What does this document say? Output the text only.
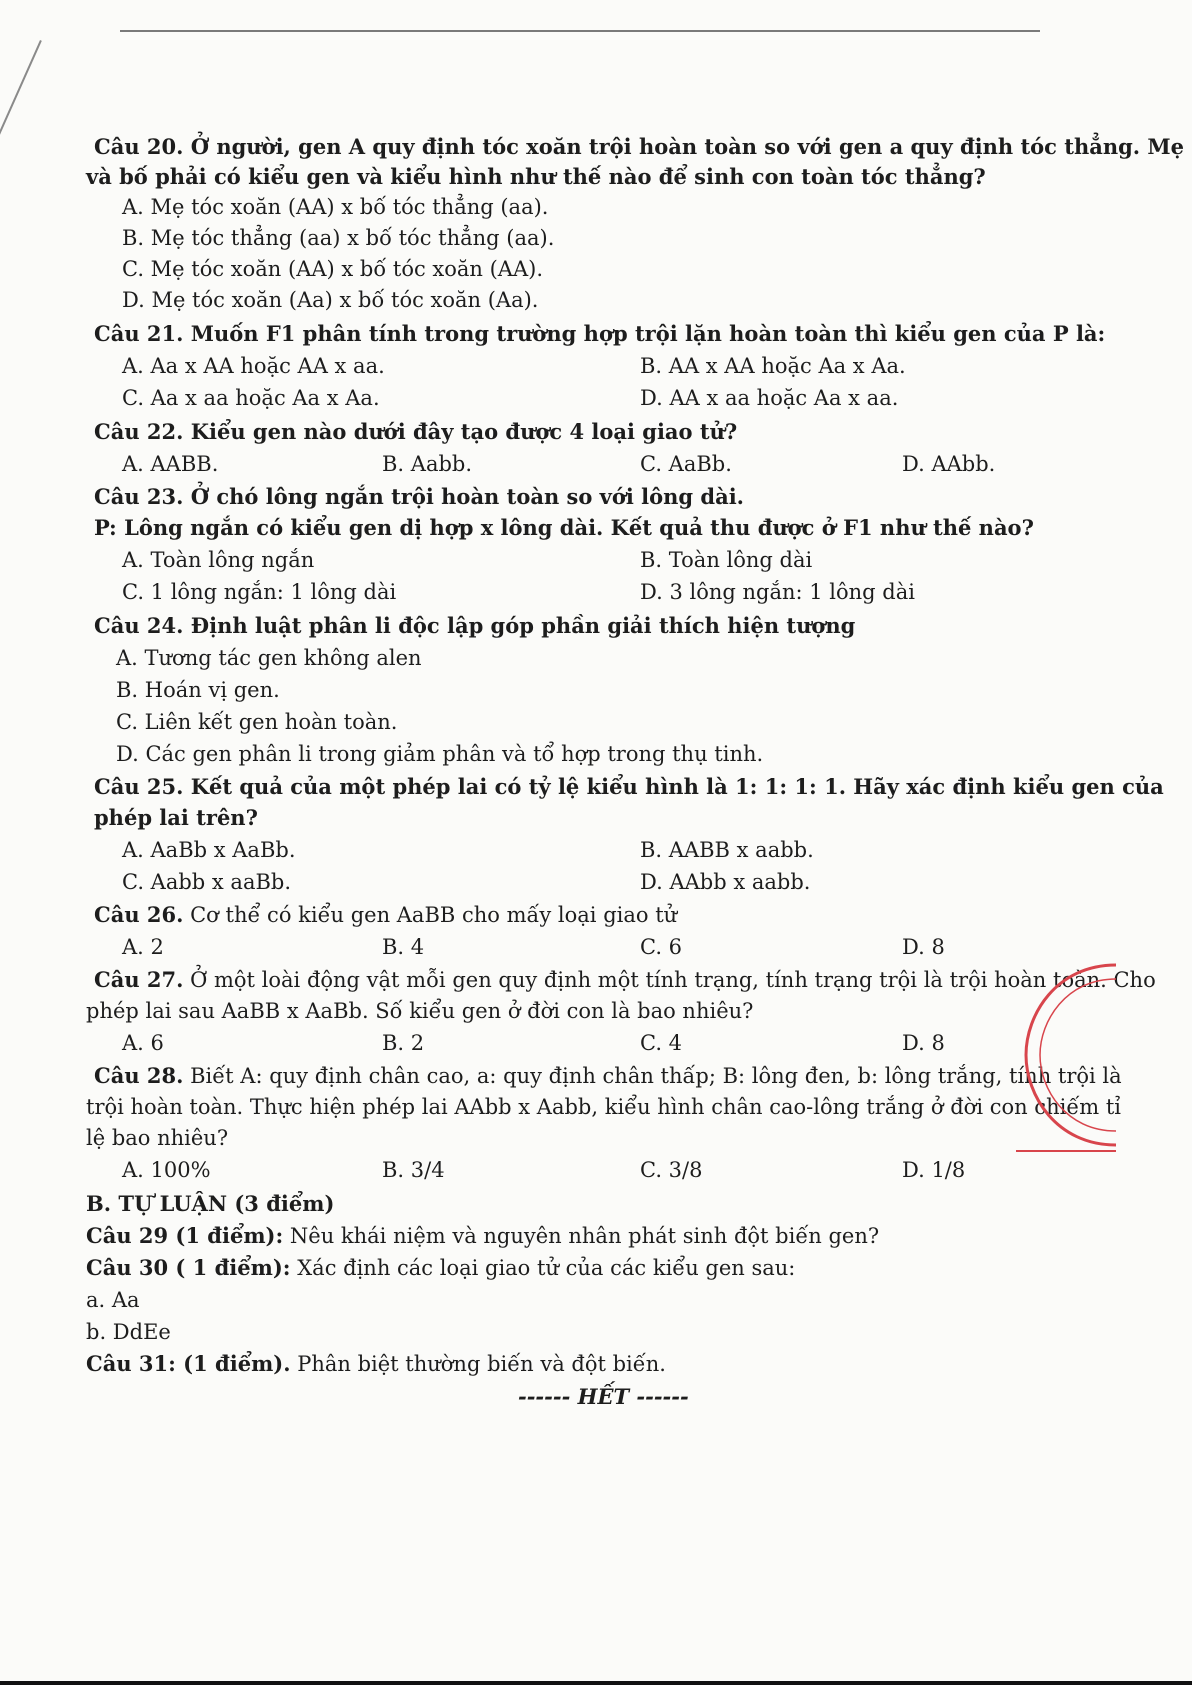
Câu 20. Ở người, gen A quy định tóc xoăn trội hoàn toàn so với gen a quy định tóc thẳng. Mẹ
và bố phải có kiểu gen và kiểu hình như thế nào để sinh con toàn tóc thẳng?
A. Mẹ tóc xoăn (AA) x bố tóc thẳng (aa).
B. Mẹ tóc thẳng (aa) x bố tóc thẳng (aa).
C. Mẹ tóc xoăn (AA) x bố tóc xoăn (AA).
D. Mẹ tóc xoăn (Aa) x bố tóc xoăn (Aa).
Câu 21. Muốn F1 phân tính trong trường hợp trội lặn hoàn toàn thì kiểu gen của P là:
A. Aa x AA hoặc AA x aa.	B. AA x AA hoặc Aa x Aa.
C. Aa x aa hoặc Aa x Aa.	D. AA x aa hoặc Aa x aa.
Câu 22. Kiểu gen nào dưới đây tạo được 4 loại giao tử?
A. AABB.	B. Aabb.	C. AaBb.	D. AAbb.
Câu 23. Ở chó lông ngắn trội hoàn toàn so với lông dài.
P: Lông ngắn có kiểu gen dị hợp x lông dài. Kết quả thu được ở F1 như thế nào?
A. Toàn lông ngắn	B. Toàn lông dài
C. 1 lông ngắn: 1 lông dài	D. 3 lông ngắn: 1 lông dài
Câu 24. Định luật phân li độc lập góp phần giải thích hiện tượng
A. Tương tác gen không alen
B. Hoán vị gen.
C. Liên kết gen hoàn toàn.
D. Các gen phân li trong giảm phân và tổ hợp trong thụ tinh.
Câu 25. Kết quả của một phép lai có tỷ lệ kiểu hình là 1: 1: 1: 1. Hãy xác định kiểu gen của
phép lai trên?
A. AaBb x AaBb.	B. AABB x aabb.
C. Aabb x aaBb.	D. AAbb x aabb.
Câu 26. Cơ thể có kiểu gen AaBB cho mấy loại giao tử
A. 2	B. 4	C. 6	D. 8
Câu 27. Ở một loài động vật mỗi gen quy định một tính trạng, tính trạng trội là trội hoàn toàn. Cho
phép lai sau AaBB x AaBb. Số kiểu gen ở đời con là bao nhiêu?
A. 6	B. 2	C. 4	D. 8
Câu 28. Biết A: quy định chân cao, a: quy định chân thấp; B: lông đen, b: lông trắng, tính trội là
trội hoàn toàn. Thực hiện phép lai AAbb x Aabb, kiểu hình chân cao-lông trắng ở đời con chiếm tỉ
lệ bao nhiêu?
A. 100%	B. 3/4	C. 3/8	D. 1/8
B. TỰ LUẬN (3 điểm)
Câu 29 (1 điểm): Nêu khái niệm và nguyên nhân phát sinh đột biến gen?
Câu 30 ( 1 điểm): Xác định các loại giao tử của các kiểu gen sau:
a. Aa
b. DdEe
Câu 31: (1 điểm). Phân biệt thường biến và đột biến.
------ HẾT ------
